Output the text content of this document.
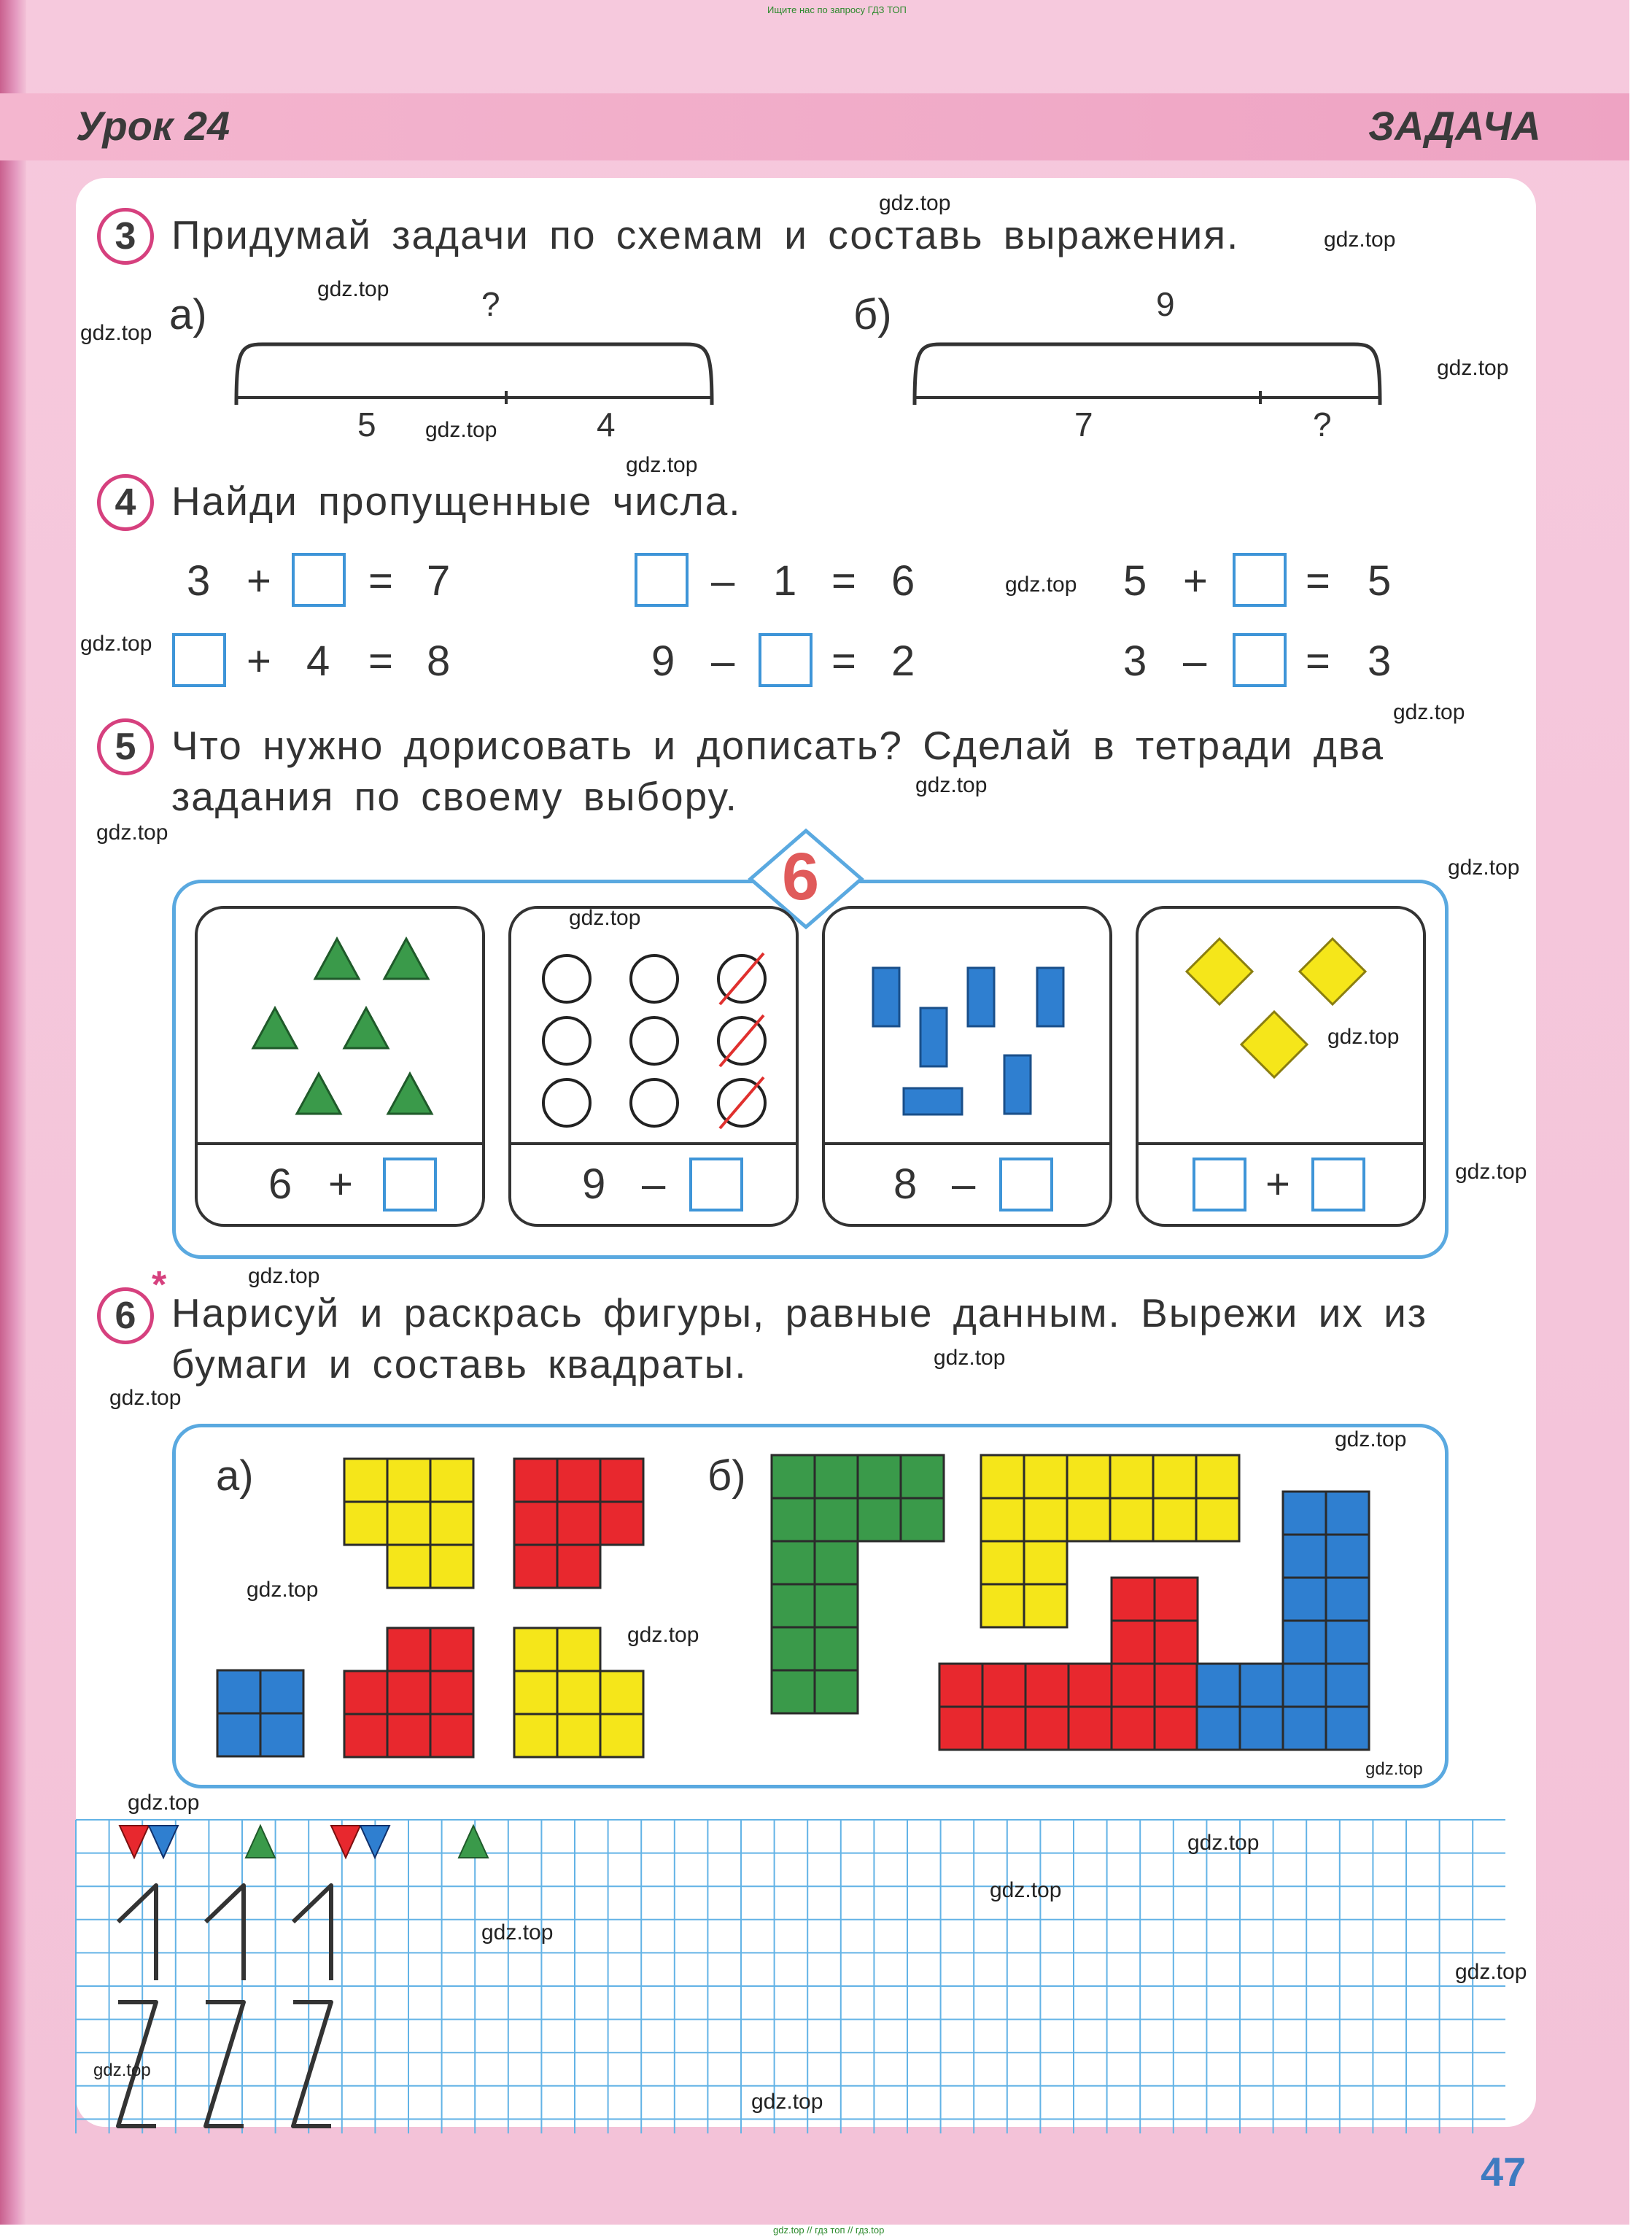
Ищите нас по запросу ГДЗ ТОП
gdz.top // гдз топ // гдз.top
Урок 24	ЗАДАЧА
3 Придумай задачи по схемам и составь выражения.
а)	?
5	4
б)	9
7	?
4 Найди пропущенные числа.
3 + = 7	– 1 = 6	5 + = 5
+ 4 = 8	9 – = 2	3 – = 3
5 Что нужно дорисовать и дописать? Сделай в тетради два
задания по своему выбору.
6
6 +	9 –	8 –	+
6
*
Нарисуй и раскрась фигуры, равные данным. Вырежи их из
бумаги и составь квадраты.
а)	б)
gdz.top
gdz.top
gdz.top
gdz.top
gdz.top
gdz.top
gdz.top
gdz.top
gdz.top
gdz.top
gdz.top
gdz.top
gdz.top
gdz.top
gdz.top
gdz.top
gdz.top
gdz.top
gdz.top
gdz.top
gdz.top
gdz.top
gdz.top
gdz.top
gdz.top
gdz.top
gdz.top
gdz.top
gdz.top
gdz.top
47
